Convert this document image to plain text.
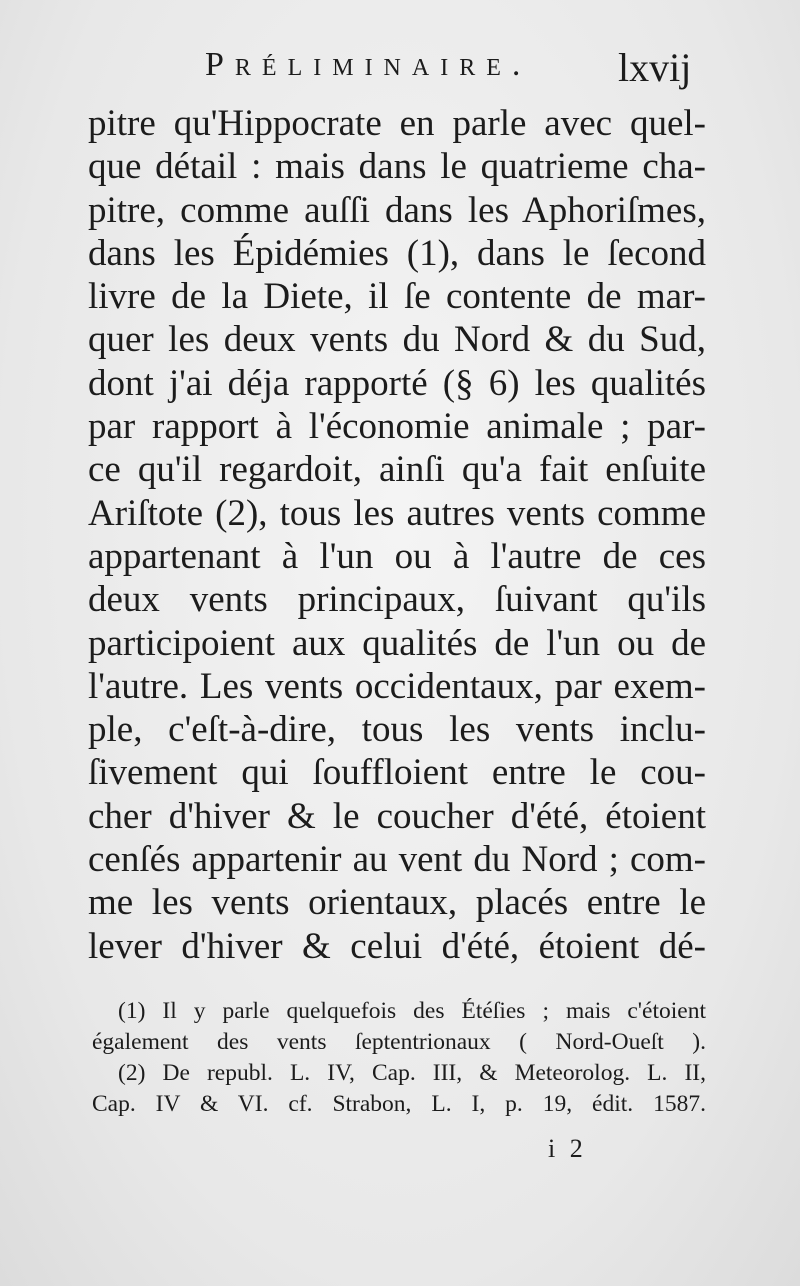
Préliminaire. lxvij
pitre qu'Hippocrate en parle avec quel-
que détail : mais dans le quatrieme cha-
pitre, comme auſſi dans les Aphoriſmes,
dans les Épidémies (1), dans le ſecond
livre de la Diete, il ſe contente de mar-
quer les deux vents du Nord & du Sud,
dont j'ai déja rapporté (§ 6) les qualités
par rapport à l'économie animale ; par-
ce qu'il regardoit, ainſi qu'a fait enſuite
Ariſtote (2), tous les autres vents comme
appartenant à l'un ou à l'autre de ces
deux vents principaux, ſuivant qu'ils
participoient aux qualités de l'un ou de
l'autre. Les vents occidentaux, par exem-
ple, c'eſt-à-dire, tous les vents inclu-
ſivement qui ſouffloient entre le cou-
cher d'hiver & le coucher d'été, étoient
cenſés appartenir au vent du Nord ; com-
me les vents orientaux, placés entre le
lever d'hiver & celui d'été, étoient dé-
(1) Il y parle quelquefois des Étéſies ; mais c'étoient
également des vents ſeptentrionaux ( Nord-Oueſt ).
(2) De republ. L. IV, Cap. III, & Meteorolog. L. II,
Cap. IV & VI. cf. Strabon, L. I, p. 19, édit. 1587.
i 2
